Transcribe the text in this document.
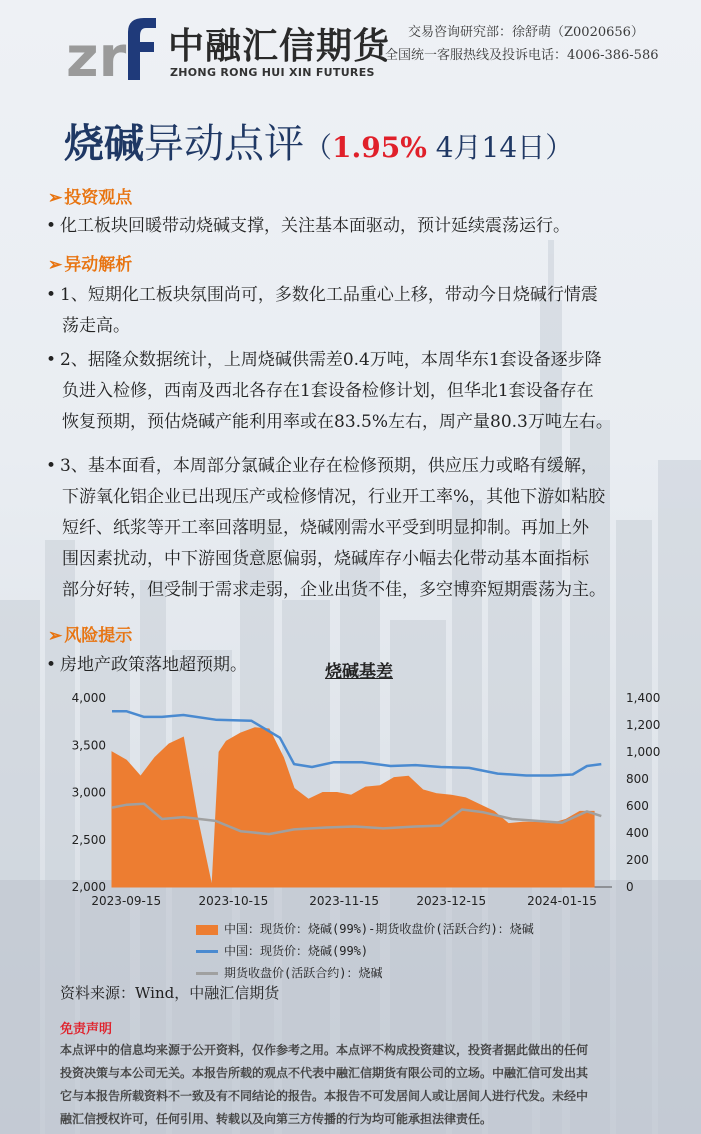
zr 中融汇信期货
ZHONG RONG HUI XIN FUTURES
交易咨询研究部：徐舒萌（Z0020656）
全国统一客服热线及投诉电话：4006-386-586
烧碱异动点评（1.95% 4月14日）
➢ 投资观点
• 化工板块回暖带动烧碱支撑，关注基本面驱动，预计延续震荡运行。
➢ 异动解析
• 1、短期化工板块氛围尚可，多数化工品重心上移，带动今日烧碱行情震
荡走高。
• 2、据隆众数据统计，上周烧碱供需差0.4万吨，本周华东1套设备逐步降
负进入检修，西南及西北各存在1套设备检修计划，但华北1套设备存在
恢复预期，预估烧碱产能利用率或在83.5%左右，周产量80.3万吨左右。
• 3、基本面看，本周部分氯碱企业存在检修预期，供应压力或略有缓解，
下游氧化铝企业已出现压产或检修情况，行业开工率%，其他下游如粘胶
短纤、纸浆等开工率回落明显，烧碱刚需水平受到明显抑制。再加上外
围因素扰动，中下游囤货意愿偏弱，烧碱库存小幅去化带动基本面指标
部分好转，但受制于需求走弱，企业出货不佳，多空博弈短期震荡为主。
➢ 风险提示
• 房地产政策落地超预期。	烧碱基差
4,000
3,500
3,000
2,500
2,000
1,400
1,200
1,000
800
600
400
200
0
2023-09-15	2023-10-15	2023-11-15	2023-12-15	2024-01-15
中国：现货价：烧碱(99%)-期货收盘价(活跃合约)：烧碱
中国：现货价：烧碱(99%)
期货收盘价(活跃合约)：烧碱
资料来源：Wind，中融汇信期货
免责声明
本点评中的信息均来源于公开资料，仅作参考之用。本点评不构成投资建议，投资者据此做出的任何
投资决策与本公司无关。本报告所载的观点不代表中融汇信期货有限公司的立场。中融汇信可发出其
它与本报告所载资料不一致及有不同结论的报告。本报告不可发居间人或让居间人进行代发。未经中
融汇信授权许可，任何引用、转载以及向第三方传播的行为均可能承担法律责任。
